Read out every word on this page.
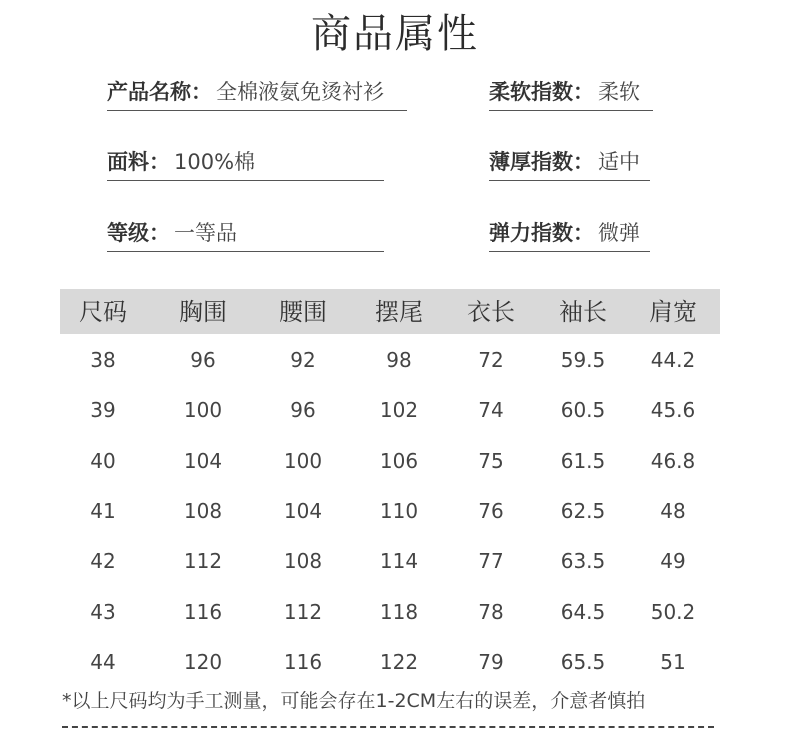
商品属性
产品名称 ： 全棉液氨免烫衬衫	柔软指数 ： 柔软
面料 ： 100%棉	薄厚指数 ： 适中
等级 ： 一等品	弹力指数 ： 微弹
尺码	胸围	腰围	摆尾	衣长	袖长	肩宽
38	96	92	98	72	59.5	44.2
39	100	96	102	74	60.5	45.6
40	104	100	106	75	61.5	46.8
41	108	104	110	76	62.5	48
42	112	108	114	77	63.5	49
43	116	112	118	78	64.5	50.2
44	120	116	122	79	65.5	51
*以上尺码均为手工测量，可能会存在1-2CM左右的误差，介意者慎拍
